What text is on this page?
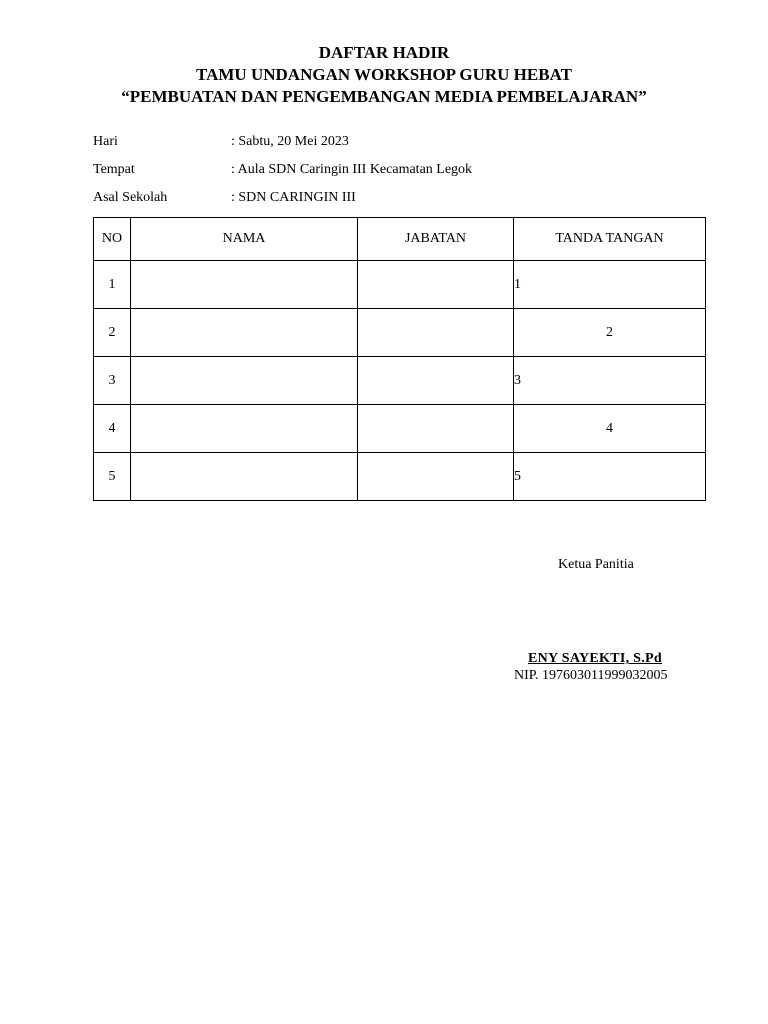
DAFTAR HADIR
TAMU UNDANGAN WORKSHOP GURU HEBAT
“PEMBUATAN DAN PENGEMBANGAN MEDIA PEMBELAJARAN”
Hari	: Sabtu, 20 Mei 2023
Tempat	: Aula SDN Caringin III Kecamatan Legok
Asal Sekolah	: SDN CARINGIN III
NO	NAMA	JABATAN	TANDA TANGAN
1			1
2			2
3			3
4			4
5			5
Ketua Panitia
ENY SAYEKTI, S.Pd
NIP. 197603011999032005
